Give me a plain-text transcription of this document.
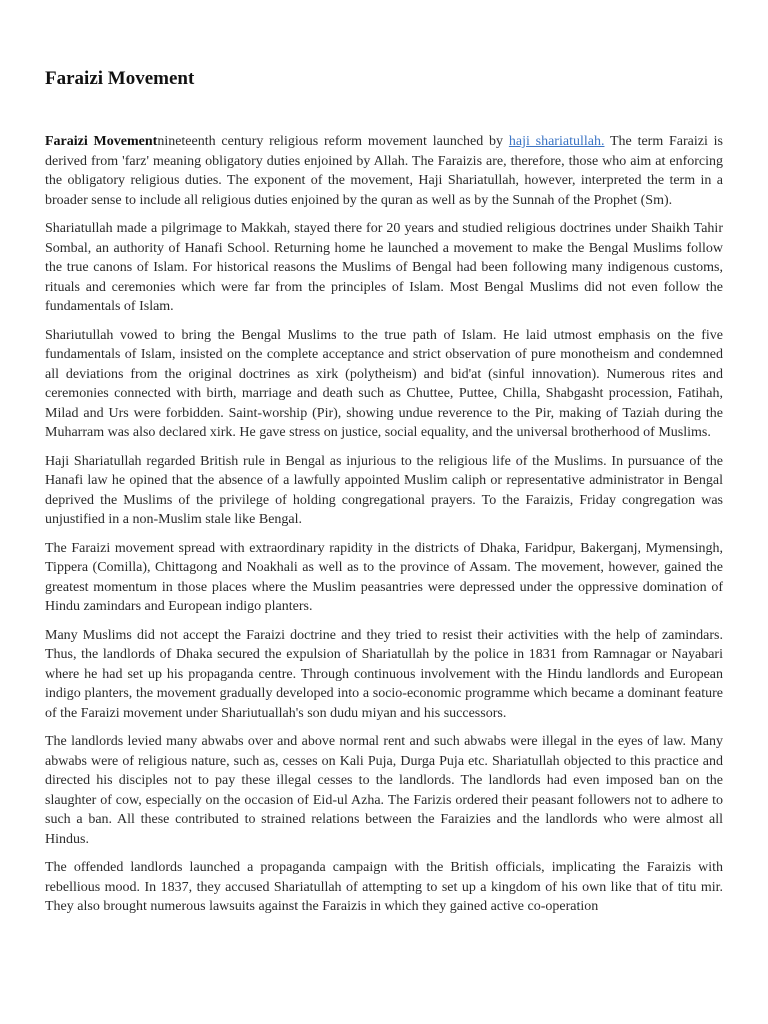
Faraizi Movement

Faraizi Movementnineteenth century religious reform movement launched by haji shariatullah. The term Faraizi is derived from 'farz' meaning obligatory duties enjoined by Allah. The Faraizis are, therefore, those who aim at enforcing the obligatory religious duties. The exponent of the movement, Haji Shariatullah, however, interpreted the term in a broader sense to include all religious duties enjoined by the quran as well as by the Sunnah of the Prophet (Sm).

Shariatullah made a pilgrimage to Makkah, stayed there for 20 years and studied religious doctrines under Shaikh Tahir Sombal, an authority of Hanafi School. Returning home he launched a movement to make the Bengal Muslims follow the true canons of Islam. For historical reasons the Muslims of Bengal had been following many indigenous customs, rituals and ceremonies which were far from the principles of Islam. Most Bengal Muslims did not even follow the fundamentals of Islam.

Shariutullah vowed to bring the Bengal Muslims to the true path of Islam. He laid utmost emphasis on the five fundamentals of Islam, insisted on the complete acceptance and strict observation of pure monotheism and condemned all deviations from the original doctrines as xirk (polytheism) and bid'at (sinful innovation). Numerous rites and ceremonies connected with birth, marriage and death such as Chuttee, Puttee, Chilla, Shabgasht procession, Fatihah, Milad and Urs were forbidden. Saint-worship (Pir), showing undue reverence to the Pir, making of Taziah during the Muharram was also declared xirk. He gave stress on justice, social equality, and the universal brotherhood of Muslims.

Haji Shariatullah regarded British rule in Bengal as injurious to the religious life of the Muslims. In pursuance of the Hanafi law he opined that the absence of a lawfully appointed Muslim caliph or representative administrator in Bengal deprived the Muslims of the privilege of holding congregational prayers. To the Faraizis, Friday congregation was unjustified in a non-Muslim stale like Bengal.

The Faraizi movement spread with extraordinary rapidity in the districts of Dhaka, Faridpur, Bakerganj, Mymensingh, Tippera (Comilla), Chittagong and Noakhali as well as to the province of Assam. The movement, however, gained the greatest momentum in those places where the Muslim peasantries were depressed under the oppressive domination of Hindu zamindars and European indigo planters.

Many Muslims did not accept the Faraizi doctrine and they tried to resist their activities with the help of zamindars. Thus, the landlords of Dhaka secured the expulsion of Shariatullah by the police in 1831 from Ramnagar or Nayabari where he had set up his propaganda centre. Through continuous involvement with the Hindu landlords and European indigo planters, the movement gradually developed into a socio-economic programme which became a dominant feature of the Faraizi movement under Shariutuallah's son dudu miyan and his successors.

The landlords levied many abwabs over and above normal rent and such abwabs were illegal in the eyes of law. Many abwabs were of religious nature, such as, cesses on Kali Puja, Durga Puja etc. Shariatullah objected to this practice and directed his disciples not to pay these illegal cesses to the landlords. The landlords had even imposed ban on the slaughter of cow, especially on the occasion of Eid-ul Azha. The Farizis ordered their peasant followers not to adhere to such a ban. All these contributed to strained relations between the Faraizies and the landlords who were almost all Hindus.

The offended landlords launched a propaganda campaign with the British officials, implicating the Faraizis with rebellious mood. In 1837, they accused Shariatullah of attempting to set up a kingdom of his own like that of titu mir. They also brought numerous lawsuits against the Faraizis in which they gained active co-operation
